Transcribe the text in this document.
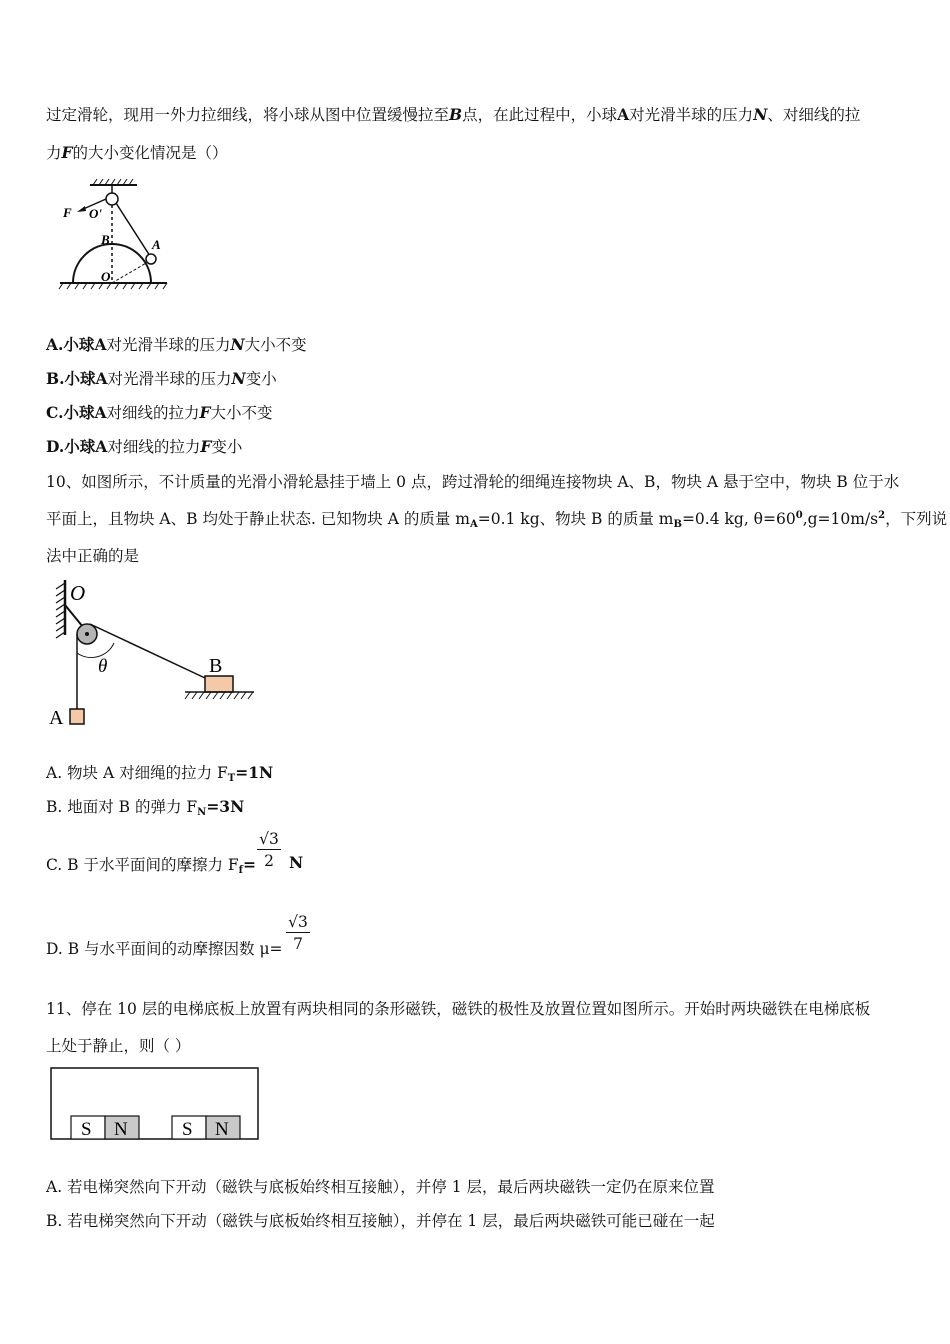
过定滑轮，现用一外力拉细线，将小球从图中位置缓慢拉至B点，在此过程中，小球A对光滑半球的压力N、对细线的拉
力F的大小变化情况是（）
F O'
B	A
O
A.小球A对光滑半球的压力N大小不变
B.小球A对光滑半球的压力N变小
C.小球A对细线的拉力F大小不变
D.小球A对细线的拉力F变小
10、如图所示，不计质量的光滑小滑轮悬挂于墙上 0 点，跨过滑轮的细绳连接物块 A、B，物块 A 悬于空中，物块 B 位于水
平面上，且物块 A、B 均处于静止状态. 已知物块 A 的质量 $m_A=0.1$ kg、物块 B 的质量 $m_B=0.4$ kg, $\theta=60^0,g=10m/s^2$，下列说
法中正确的是
O
θ	B
A
A. 物块 A 对细绳的拉力 $F_T=1N$
B. 地面对 B 的弹力 $F_N=3N$
C. B 于水平面间的摩擦力 $F_f=$
√3
2 N
D. B 与水平面间的动摩擦因数 μ=
√3
7
11、停在 10 层的电梯底板上放置有两块相同的条形磁铁，磁铁的极性及放置位置如图所示。开始时两块磁铁在电梯底板
上处于静止，则（ ）
S N	S N
A. 若电梯突然向下开动（磁铁与底板始终相互接触），并停 1 层，最后两块磁铁一定仍在原来位置
B. 若电梯突然向下开动（磁铁与底板始终相互接触），并停在 1 层，最后两块磁铁可能已碰在一起
